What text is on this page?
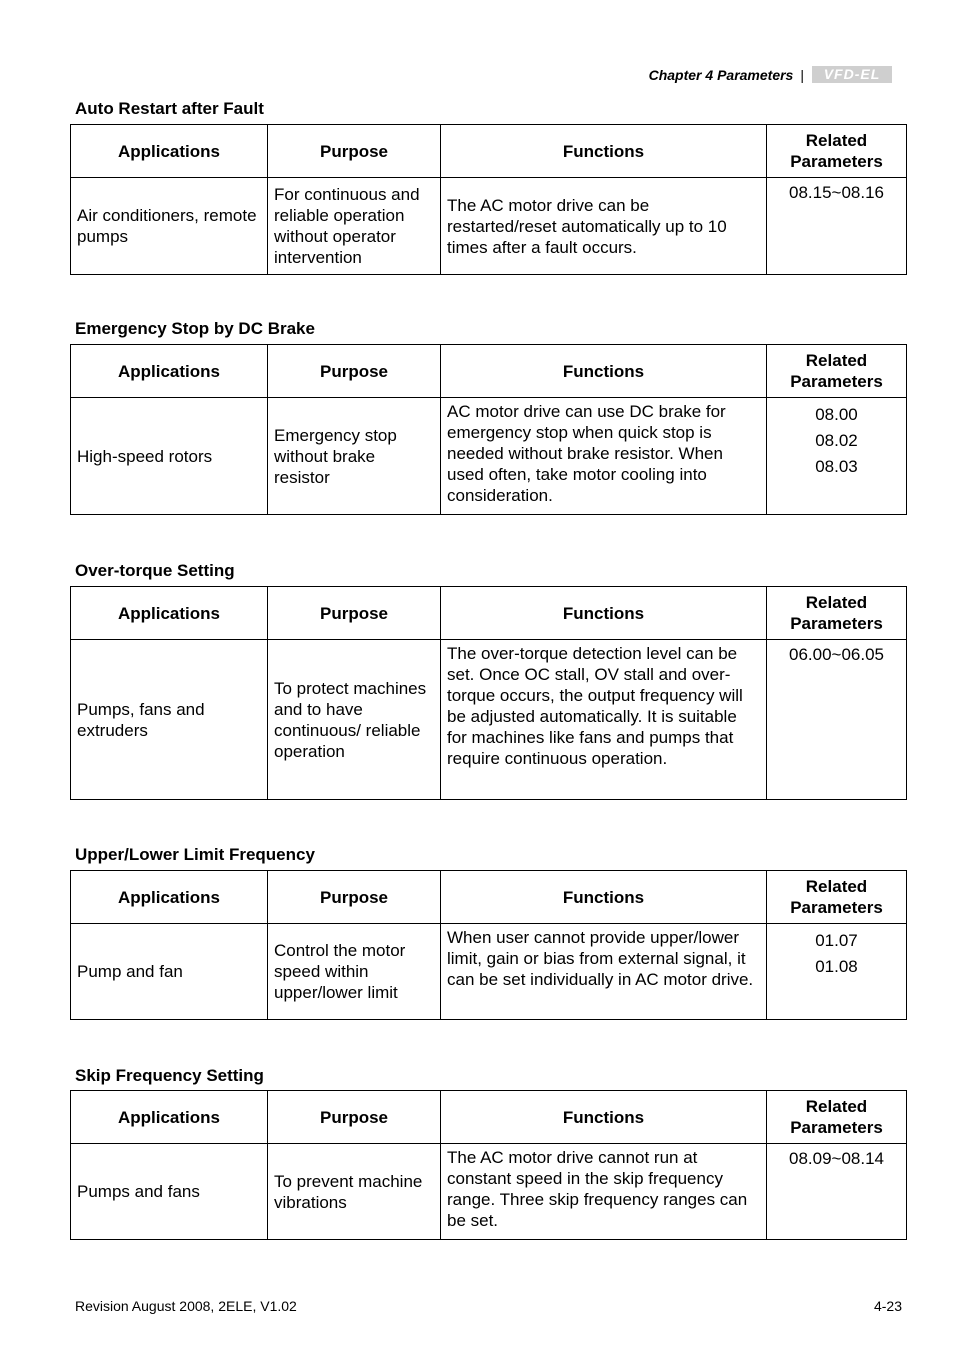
Chapter 4 Parameters |	VFD-EL
Auto Restart after Fault
Applications	Purpose	Functions	Related Parameters
Air conditioners, remote pumps	For continuous and reliable operation without operator intervention	The AC motor drive can be restarted/reset automatically up to 10 times after a fault occurs.	08.15~08.16
Emergency Stop by DC Brake
Applications	Purpose	Functions	Related Parameters
High-speed rotors	Emergency stop without brake resistor	AC motor drive can use DC brake for emergency stop when quick stop is needed without brake resistor. When used often, take motor cooling into consideration.	08.00
08.02
08.03
Over-torque Setting
Applications	Purpose	Functions	Related Parameters
Pumps, fans and extruders	To protect machines and to have continuous/ reliable operation	The over-torque detection level can be set. Once OC stall, OV stall and over-torque occurs, the output frequency will be adjusted automatically. It is suitable for machines like fans and pumps that require continuous operation.	06.00~06.05
Upper/Lower Limit Frequency
Applications	Purpose	Functions	Related Parameters
Pump and fan	Control the motor speed within upper/lower limit	When user cannot provide upper/lower limit, gain or bias from external signal, it can be set individually in AC motor drive.	01.07
01.08
Skip Frequency Setting
Applications	Purpose	Functions	Related Parameters
Pumps and fans	To prevent machine vibrations	The AC motor drive cannot run at constant speed in the skip frequency range. Three skip frequency ranges can be set.	08.09~08.14
Revision August 2008, 2ELE, V1.02	4-23
